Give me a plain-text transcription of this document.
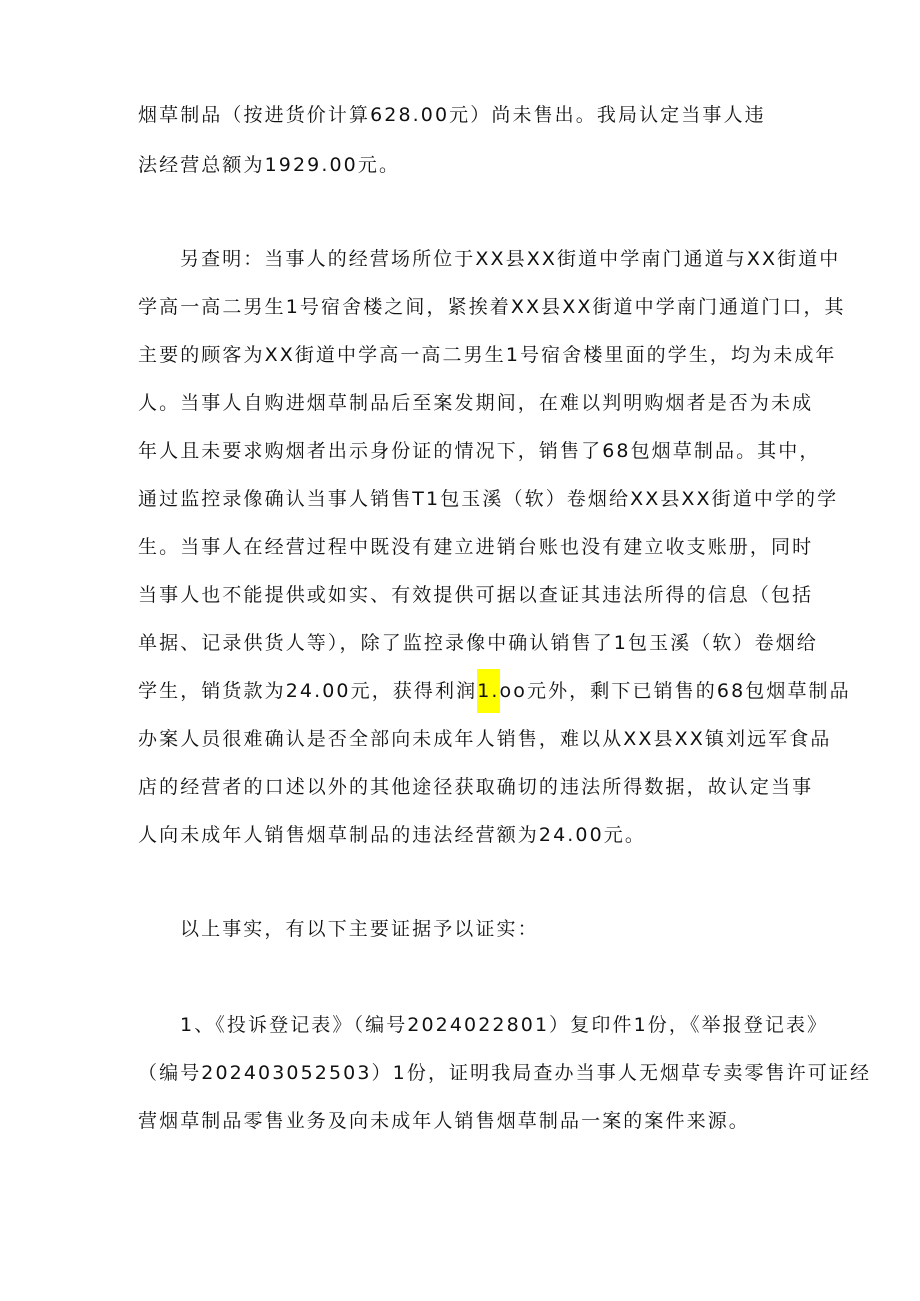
烟草制品（按进货价计算628.00元）尚未售出。我局认定当事人违
法经营总额为1929.00元。
另查明：当事人的经营场所位于XX县XX街道中学南门通道与XX街道中
学高一高二男生1号宿舍楼之间，紧挨着XX县XX街道中学南门通道门口，其
主要的顾客为XX街道中学高一高二男生1号宿舍楼里面的学生，均为未成年
人。当事人自购进烟草制品后至案发期间，在难以判明购烟者是否为未成
年人且未要求购烟者出示身份证的情况下，销售了68包烟草制品。其中，
通过监控录像确认当事人销售T1包玉溪（软）卷烟给XX县XX街道中学的学
生。当事人在经营过程中既没有建立进销台账也没有建立收支账册，同时
当事人也不能提供或如实、有效提供可据以查证其违法所得的信息（包括
单据、记录供货人等），除了监控录像中确认销售了1包玉溪（软）卷烟给
学生，销货款为24.00元，获得利润1.oo元外，剩下已销售的68包烟草制品
办案人员很难确认是否全部向未成年人销售，难以从XX县XX镇刘远军食品
店的经营者的口述以外的其他途径获取确切的违法所得数据，故认定当事
人向未成年人销售烟草制品的违法经营额为24.00元。
以上事实，有以下主要证据予以证实：
1、《投诉登记表》（编号2024022801）复印件1份，《举报登记表》
（编号202403052503）1份，证明我局查办当事人无烟草专卖零售许可证经
营烟草制品零售业务及向未成年人销售烟草制品一案的案件来源。
